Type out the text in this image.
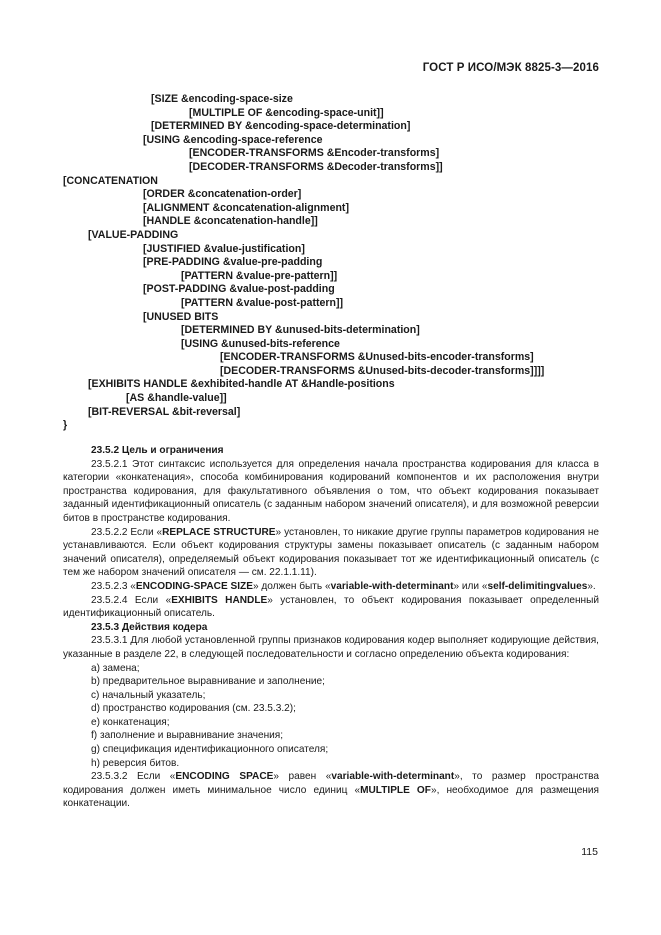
ГОСТ Р ИСО/МЭК 8825-3—2016
[SIZE &encoding-space-size
[MULTIPLE OF &encoding-space-unit]]
[DETERMINED BY &encoding-space-determination]
[USING &encoding-space-reference
[ENCODER-TRANSFORMS &Encoder-transforms]
[DECODER-TRANSFORMS &Decoder-transforms]]
[CONCATENATION
[ORDER &concatenation-order]
[ALIGNMENT &concatenation-alignment]
[HANDLE &concatenation-handle]]
[VALUE-PADDING
[JUSTIFIED &value-justification]
[PRE-PADDING &value-pre-padding
[PATTERN &value-pre-pattern]]
[POST-PADDING &value-post-padding
[PATTERN &value-post-pattern]]
[UNUSED BITS
[DETERMINED BY &unused-bits-determination]
[USING &unused-bits-reference
[ENCODER-TRANSFORMS &Unused-bits-encoder-transforms]
[DECODER-TRANSFORMS &Unused-bits-decoder-transforms]]]]
[EXHIBITS HANDLE &exhibited-handle AT &Handle-positions
[AS &handle-value]]
[BIT-REVERSAL &bit-reversal]
}

23.5.2 Цель и ограничения

23.5.2.1 Этот синтаксис используется для определения начала пространства кодирования для класса в категории «конкатенация», способа комбинирования кодирований компонентов и их расположения внутри пространства кодирования, для факультативного объявления о том, что объект кодирования показывает заданный идентификационный описатель (с заданным набором значений описателя), и для возможной реверсии битов в пространстве кодирования.

23.5.2.2 Если «REPLACE STRUCTURE» установлен, то никакие другие группы параметров кодирования не устанавливаются. Если объект кодирования структуры замены показывает описатель (с заданным набором значений описателя), определяемый объект кодирования показывает тот же идентификационный описатель (с тем же набором значений описателя — см. 22.1.1.11).

23.5.2.3 «ENCODING-SPACE SIZE» должен быть «variable-with-determinant» или «self-delimitingvalues».

23.5.2.4 Если «EXHIBITS HANDLE» установлен, то объект кодирования показывает определенный идентификационный описатель.

23.5.3 Действия кодера

23.5.3.1 Для любой установленной группы признаков кодирования кодер выполняет кодирующие действия, указанные в разделе 22, в следующей последовательности и согласно определению объекта кодирования:

a) замена;

b) предварительное выравнивание и заполнение;

c) начальный указатель;

d) пространство кодирования (см. 23.5.3.2);

e) конкатенация;

f) заполнение и выравнивание значения;

g) спецификация идентификационного описателя;

h) реверсия битов.

23.5.3.2 Если «ENCODING SPACE» равен «variable-with-determinant», то размер пространства кодирования должен иметь минимальное число единиц «MULTIPLE OF», необходимое для размещения конкатенации.

115
